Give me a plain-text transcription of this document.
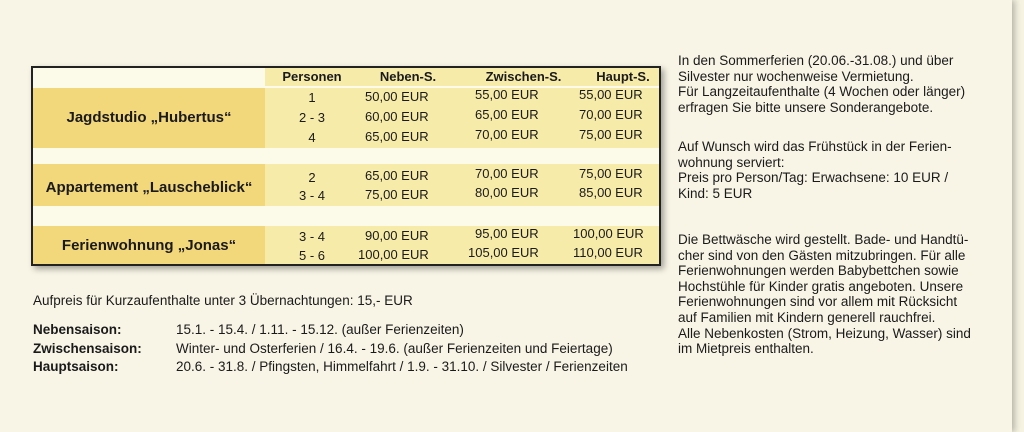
Personen	Neben-S.	Zwischen-S.	Haupt-S.
Jagdstudio „Hubertus“
1	50,00 EUR	55,00 EUR	55,00 EUR
2 - 3	60,00 EUR	65,00 EUR	70,00 EUR
4	65,00 EUR	70,00 EUR	75,00 EUR
Appartement „Lauscheblick“
2	65,00 EUR	70,00 EUR	75,00 EUR
3 - 4	75,00 EUR	80,00 EUR	85,00 EUR
Ferienwohnung „Jonas“
3 - 4	90,00 EUR	95,00 EUR	100,00 EUR
5 - 6	100,00 EUR	105,00 EUR	110,00 EUR
Aufpreis für Kurzaufenthalte unter 3 Übernachtungen: 15,- EUR
Nebensaison:	15.1. - 15.4. / 1.11. - 15.12. (außer Ferienzeiten)
Zwischensaison:	Winter- und Osterferien / 16.4. - 19.6. (außer Ferienzeiten und Feiertage)
Hauptsaison:	20.6. - 31.8. / Pfingsten, Himmelfahrt / 1.9. - 31.10. / Silvester / Ferienzeiten

In den Sommerferien (20.06.-31.08.) und über
Silvester nur wochenweise Vermietung.
Für Langzeitaufenthalte (4 Wochen oder länger)
erfragen Sie bitte unsere Sonderangebote.

Auf Wunsch wird das Frühstück in der Ferien-
wohnung serviert:
Preis pro Person/Tag: Erwachsene: 10 EUR /
Kind: 5 EUR

Die Bettwäsche wird gestellt. Bade- und Handtü-
cher sind von den Gästen mitzubringen. Für alle
Ferienwohnungen werden Babybettchen sowie
Hochstühle für Kinder gratis angeboten. Unsere
Ferienwohnungen sind vor allem mit Rücksicht
auf Familien mit Kindern generell rauchfrei.
Alle Nebenkosten (Strom, Heizung, Wasser) sind
im Mietpreis enthalten.
